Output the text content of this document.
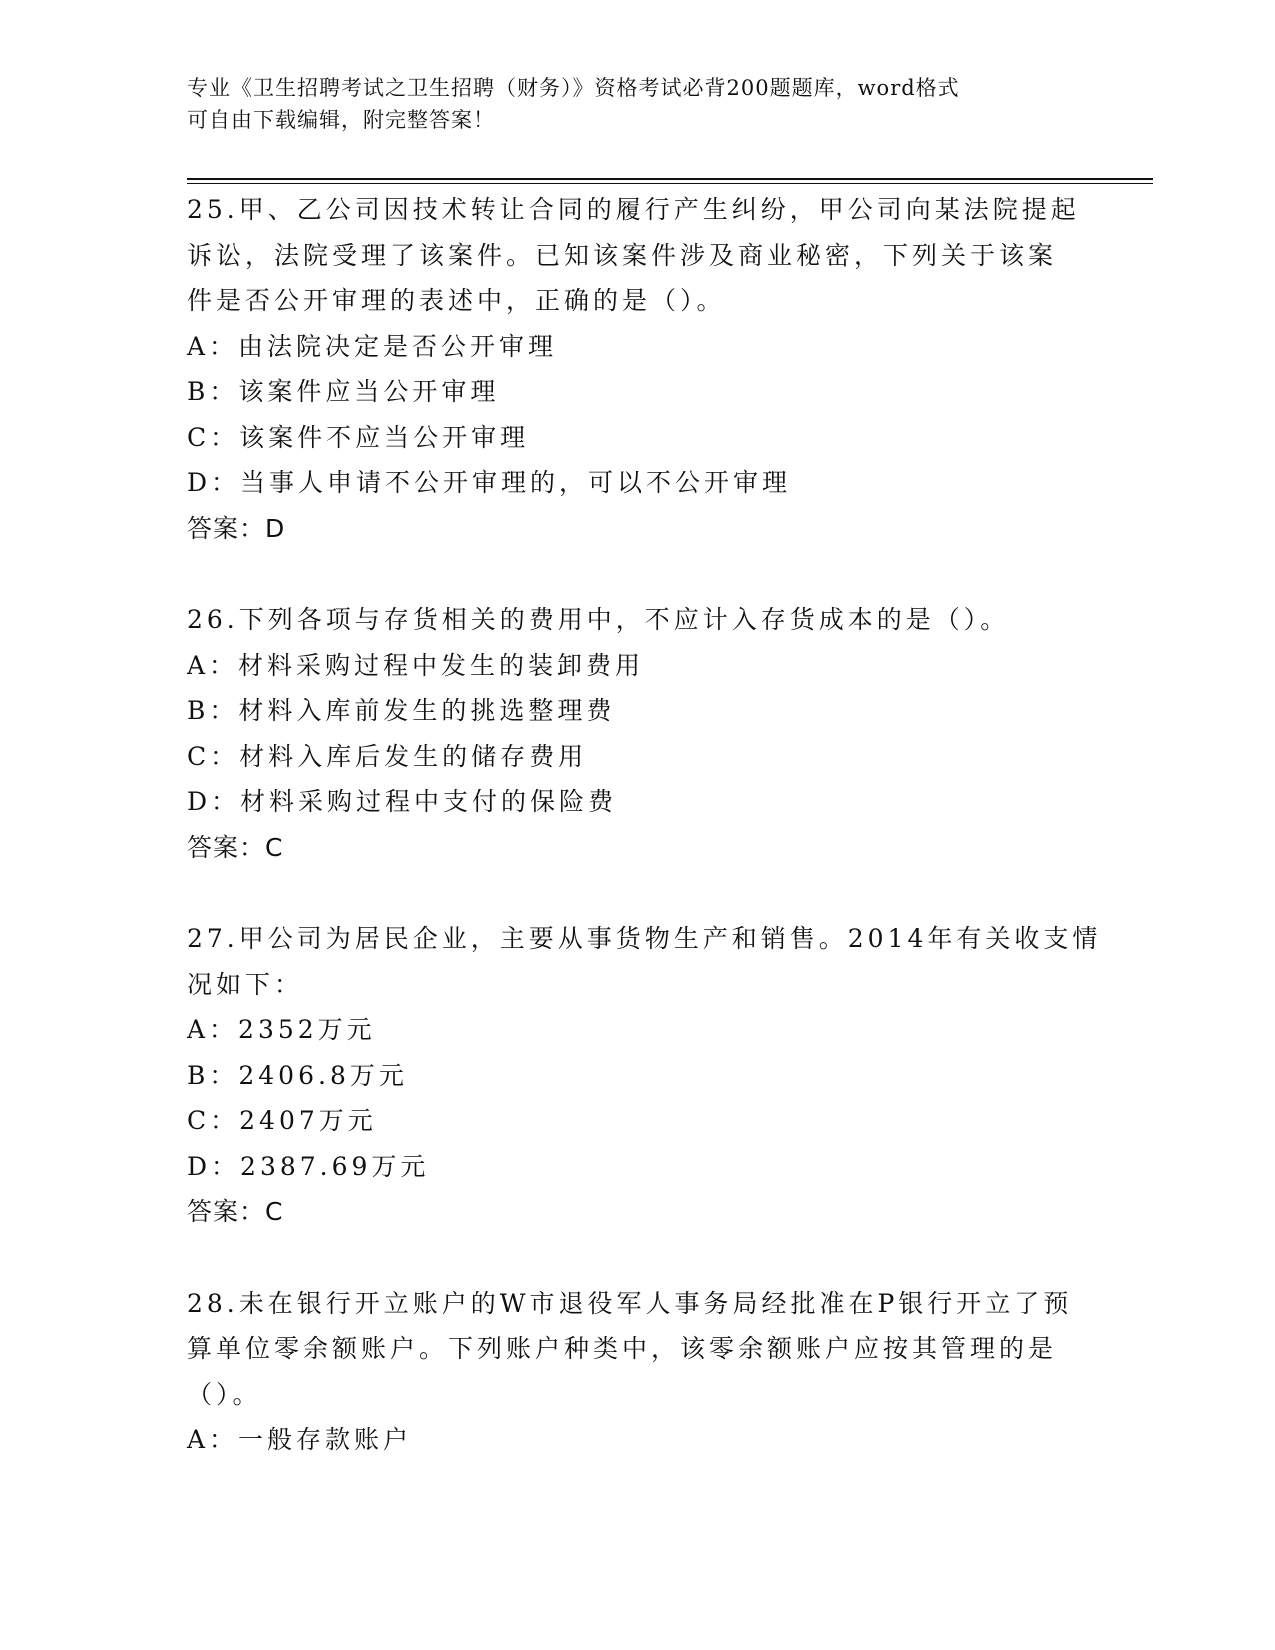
专业《卫生招聘考试之卫生招聘（财务）》资格考试必背200题题库，word格式
可自由下载编辑，附完整答案！
25.甲、乙公司因技术转让合同的履行产生纠纷，甲公司向某法院提起
诉讼，法院受理了该案件。已知该案件涉及商业秘密，下列关于该案
件是否公开审理的表述中，正确的是（）。
A：由法院决定是否公开审理
B：该案件应当公开审理
C：该案件不应当公开审理
D：当事人申请不公开审理的，可以不公开审理
答案：D
26.下列各项与存货相关的费用中，不应计入存货成本的是（）。
A：材料采购过程中发生的装卸费用
B：材料入库前发生的挑选整理费
C：材料入库后发生的储存费用
D：材料采购过程中支付的保险费
答案：C
27.甲公司为居民企业，主要从事货物生产和销售。2014年有关收支情
况如下：
A：2352万元
B：2406.8万元
C：2407万元
D：2387.69万元
答案：C
28.未在银行开立账户的W市退役军人事务局经批准在P银行开立了预
算单位零余额账户。下列账户种类中，该零余额账户应按其管理的是
（）。
A：一般存款账户
